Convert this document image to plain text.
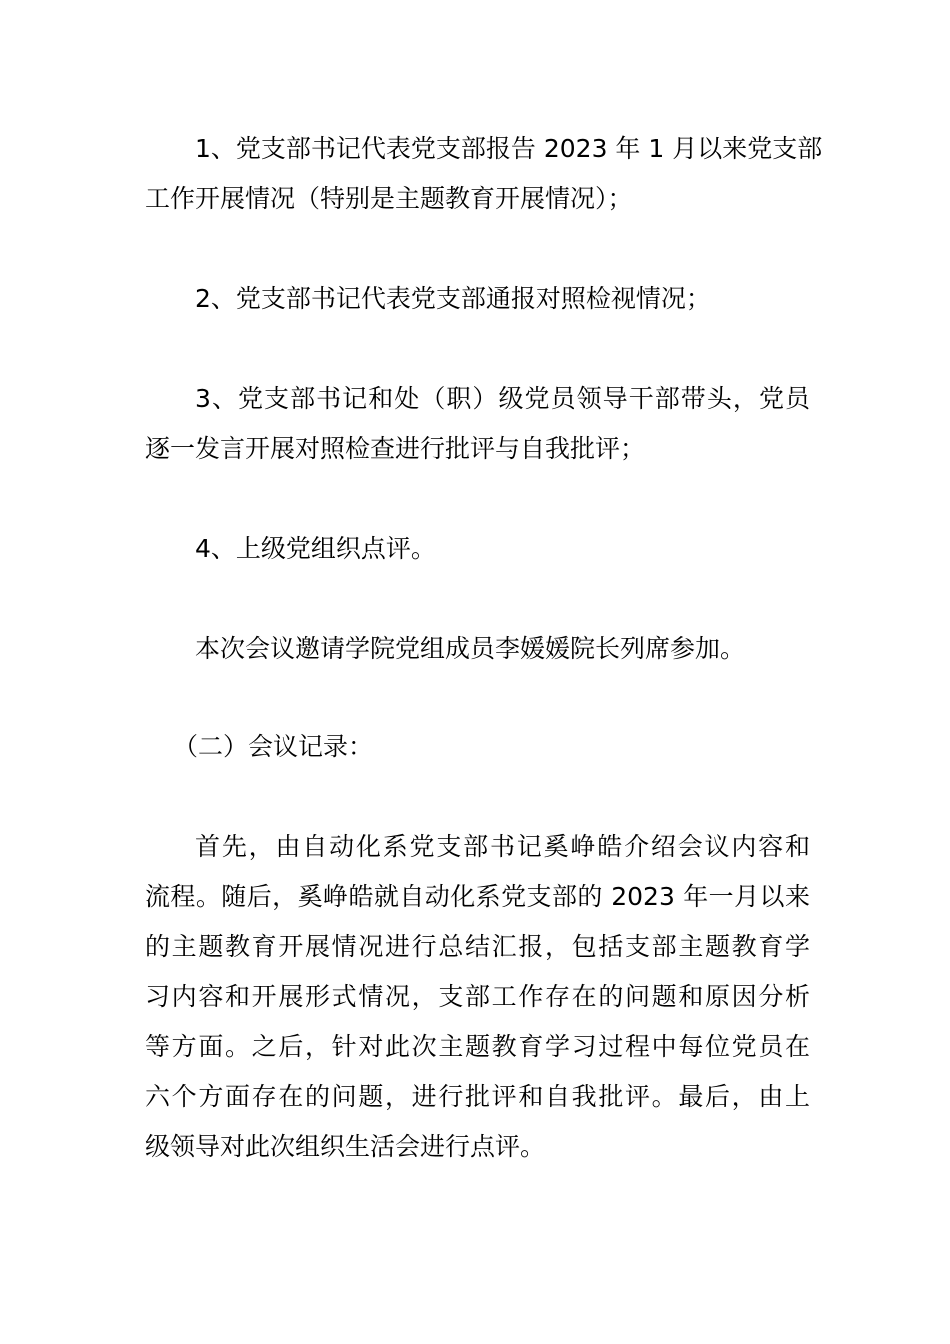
1、党支部书记代表党支部报告 2023 年 1 月以来党支部
工作开展情况（特别是主题教育开展情况）；
2、党支部书记代表党支部通报对照检视情况；
3、党支部书记和处（职）级党员领导干部带头，党员
逐一发言开展对照检查进行批评与自我批评；
4、上级党组织点评。
本次会议邀请学院党组成员李媛媛院长列席参加。
（二）会议记录：
首先，由自动化系党支部书记奚峥皓介绍会议内容和
流程。随后，奚峥皓就自动化系党支部的 2023 年一月以来
的主题教育开展情况进行总结汇报，包括支部主题教育学
习内容和开展形式情况，支部工作存在的问题和原因分析
等方面。之后，针对此次主题教育学习过程中每位党员在
六个方面存在的问题，进行批评和自我批评。最后，由上
级领导对此次组织生活会进行点评。
